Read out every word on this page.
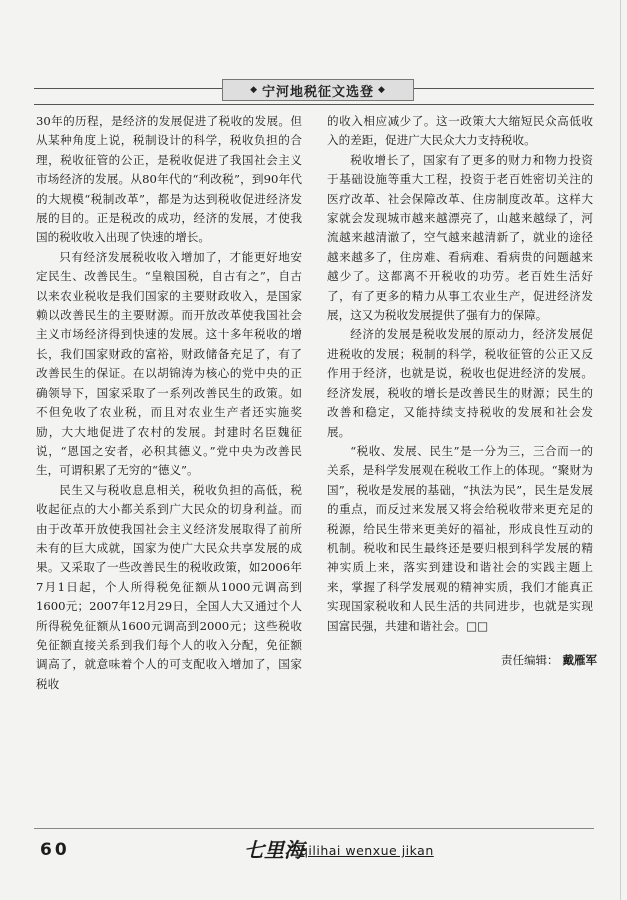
◆ 宁河地税征文选登 ◆

30年的历程，是经济的发展促进了税收的发展。但从某种角度上说，税制设计的科学，税收负担的合理，税收征管的公正，是税收促进了我国社会主义市场经济的发展。从80年代的“利改税”，到90年代的大规模“税制改革”，都是为达到税收促进经济发展的目的。正是税改的成功，经济的发展，才使我国的税收收入出现了快速的增长。

只有经济发展税收收入增加了，才能更好地安定民生、改善民生。“皇粮国税，自古有之”，自古以来农业税收是我们国家的主要财政收入，是国家赖以改善民生的主要财源。而开放改革使我国社会主义市场经济得到快速的发展。这十多年税收的增长，我们国家财政的富裕，财政储备充足了，有了改善民生的保证。在以胡锦涛为核心的党中央的正确领导下，国家采取了一系列改善民生的政策。如不但免收了农业税，而且对农业生产者还实施奖励，大大地促进了农村的发展。封建时名臣魏征说，“恩国之安者，必积其德义。”党中央为改善民生，可谓积累了无穷的“德义”。

民生又与税收息息相关，税收负担的高低，税收起征点的大小都关系到广大民众的切身利益。而由于改革开放使我国社会主义经济发展取得了前所未有的巨大成就，国家为使广大民众共享发展的成果。又采取了一些改善民生的税收政策，如2006年7月1日起，个人所得税免征额从1000元调高到1600元；2007年12月29日，全国人大又通过个人所得税免征额从1600元调高到2000元；这些税收免征额直接关系到我们每个人的收入分配，免征额调高了，就意味着个人的可支配收入增加了，国家税收

的收入相应减少了。这一政策大大缩短民众高低收入的差距，促进广大民众大力支持税收。

税收增长了，国家有了更多的财力和物力投资于基础设施等重大工程，投资于老百姓密切关注的医疗改革、社会保障改革、住房制度改革。这样大家就会发现城市越来越漂亮了，山越来越绿了，河流越来越清澈了，空气越来越清新了，就业的途径越来越多了，住房难、看病难、看病贵的问题越来越少了。这都离不开税收的功劳。老百姓生活好了，有了更多的精力从事工农业生产，促进经济发展，这又为税收发展提供了强有力的保障。

经济的发展是税收发展的原动力，经济发展促进税收的发展；税制的科学，税收征管的公正又反作用于经济，也就是说，税收也促进经济的发展。经济发展，税收的增长是改善民生的财源；民生的改善和稳定，又能持续支持税收的发展和社会发展。

“税收、发展、民生”是一分为三，三合而一的关系，是科学发展观在税收工作上的体现。“聚财为国”，税收是发展的基础，“执法为民”，民生是发展的重点，而反过来发展又将会给税收带来更充足的税源，给民生带来更美好的福祉，形成良性互动的机制。税收和民生最终还是要归根到科学发展的精神实质上来，落实到建设和谐社会的实践主题上来，掌握了科学发展观的精神实质，我们才能真正实现国家税收和人民生活的共同进步，也就是实现国富民强，共建和谐社会。□□

责任编辑： 戴雁军
60	七里海
qilihai wenxue jikan
